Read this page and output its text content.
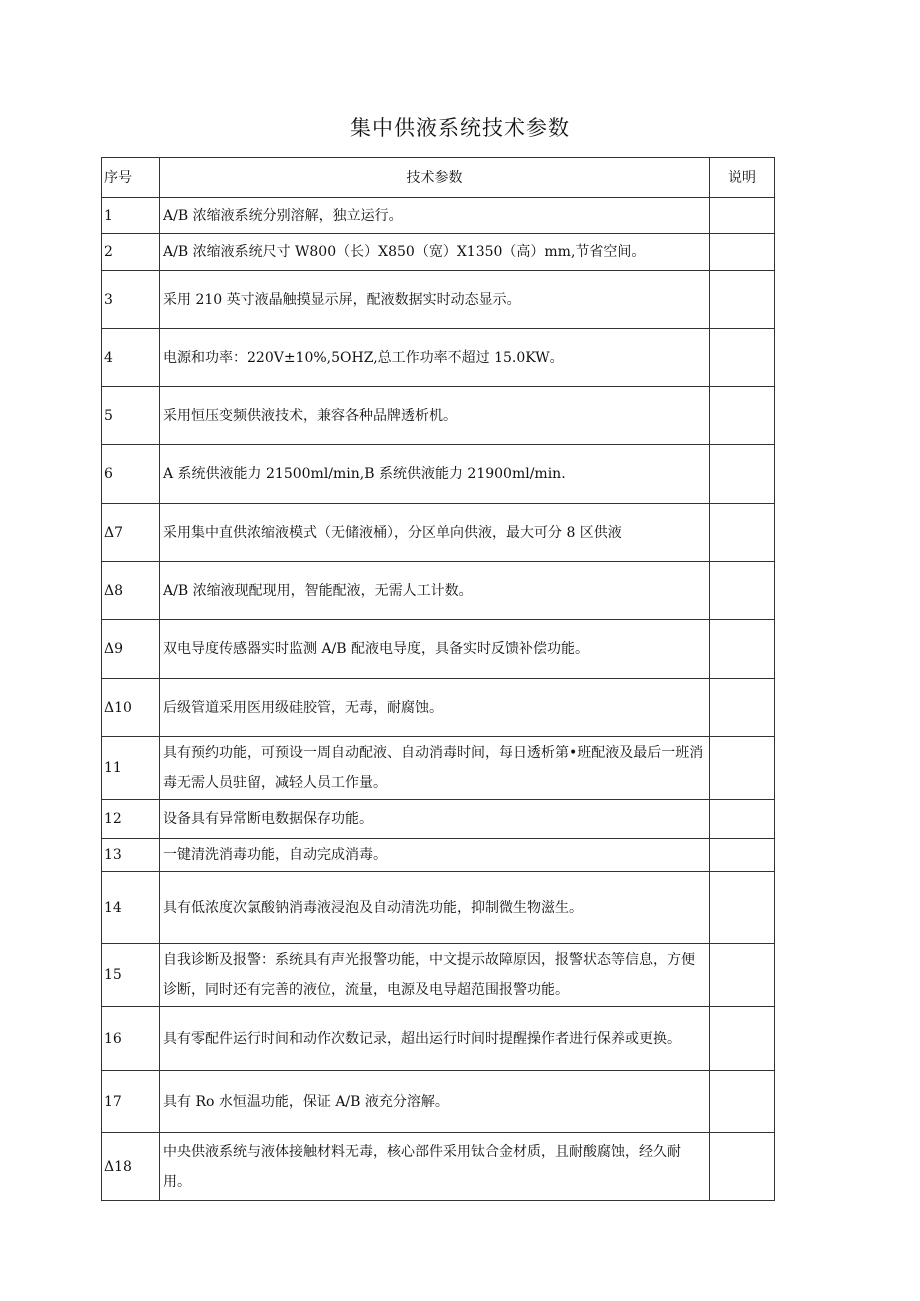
集中供液系统技术参数
序号	技术参数	说明
1	A/B 浓缩液系统分别溶解，独立运行。	
2	A/B 浓缩液系统尺寸 W800（长）X850（宽）X1350（高）mm,节省空间。	
3	采用 210 英寸液晶触摸显示屏，配液数据实时动态显示。	
4	电源和功率：220V±10%,5OHZ,总工作功率不超过 15.0KW。	
5	采用恒压变频供液技术，兼容各种品牌透析机。	
6	A 系统供液能力 21500ml/min,B 系统供液能力 21900ml/min.	
Δ7	采用集中直供浓缩液模式（无储液桶），分区单向供液，最大可分 8 区供液	
Δ8	A/B 浓缩液现配现用，智能配液，无需人工计数。	
Δ9	双电导度传感器实时监测 A/B 配液电导度，具备实时反馈补偿功能。	
Δ10	后级管道采用医用级硅胶管，无毒，耐腐蚀。	
11	具有预约功能，可预设一周自动配液、自动消毒时间，每日透析第•班配液及最后一班消毒无需人员驻留，减轻人员工作量。	
12	设备具有异常断电数据保存功能。	
13	一键清洗消毒功能，自动完成消毒。	
14	具有低浓度次氯酸钠消毒液浸泡及自动清洗功能，抑制微生物滋生。	
15	自我诊断及报警：系统具有声光报警功能，中文提示故障原因，报警状态等信息，方便诊断，同时还有完善的液位，流量，电源及电导超范围报警功能。	
16	具有零配件运行时间和动作次数记录，超出运行时间时提醒操作者进行保养或更换。	
17	具有 Ro 水恒温功能，保证 A/B 液充分溶解。	
Δ18	中央供液系统与液体接触材料无毒，核心部件采用钛合金材质，且耐酸腐蚀，经久耐用。	
